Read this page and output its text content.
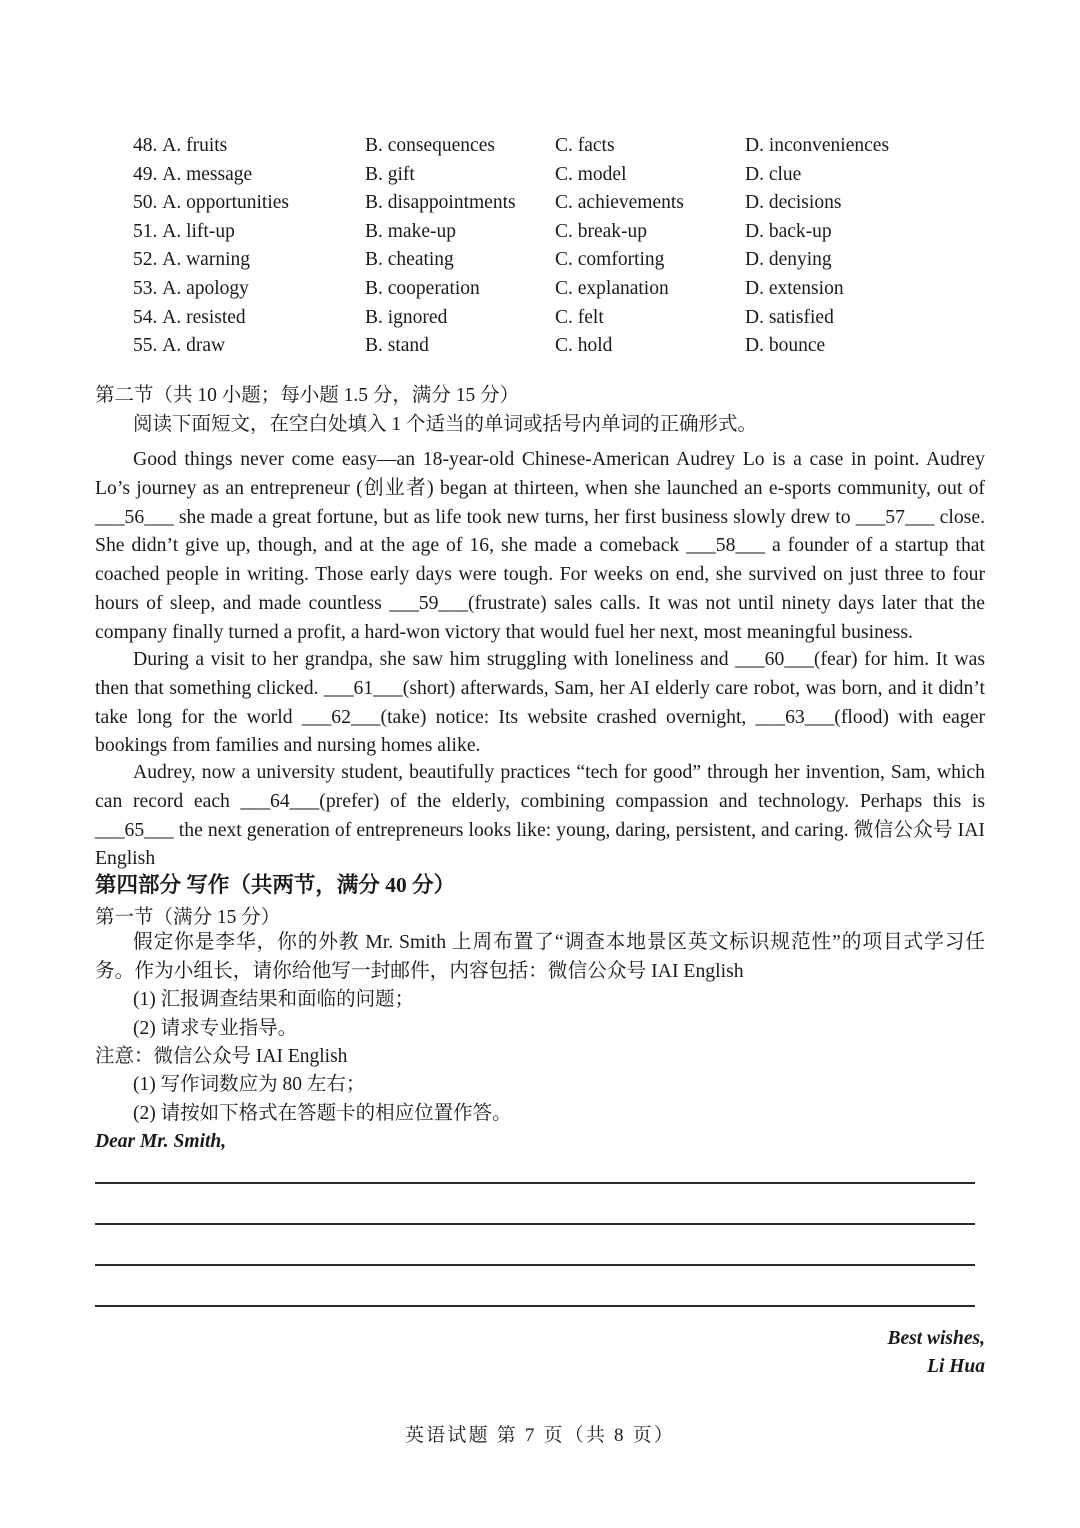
48. A. fruits	B. consequences	C. facts	D. inconveniences
49. A. message	B. gift	C. model	D. clue
50. A. opportunities	B. disappointments C. achievements	D. decisions
51. A. lift-up	B. make-up	C. break-up	D. back-up
52. A. warning	B. cheating	C. comforting	D. denying
53. A. apology	B. cooperation	C. explanation	D. extension
54. A. resisted	B. ignored	C. felt	D. satisfied
55. A. draw	B. stand	C. hold	D. bounce
第二节（共 10 小题；每小题 1.5 分，满分 15 分）
阅读下面短文，在空白处填入 1 个适当的单词或括号内单词的正确形式。
Good things never come easy—an 18-year-old Chinese-American Audrey Lo is a case in point. Audrey Lo’s journey as an entrepreneur (创业者) began at thirteen, when she launched an e-sports community, out of ___56___ she made a great fortune, but as life took new turns, her first business slowly drew to ___57___ close. She didn’t give up, though, and at the age of 16, she made a comeback ___58___ a founder of a startup that coached people in writing. Those early days were tough. For weeks on end, she survived on just three to four hours of sleep, and made countless ___59___(frustrate) sales calls. It was not until ninety days later that the company finally turned a profit, a hard-won victory that would fuel her next, most meaningful business.
During a visit to her grandpa, she saw him struggling with loneliness and ___60___(fear) for him. It was then that something clicked. ___61___(short) afterwards, Sam, her AI elderly care robot, was born, and it didn’t take long for the world ___62___(take) notice: Its website crashed overnight, ___63___(flood) with eager bookings from families and nursing homes alike.
Audrey, now a university student, beautifully practices “tech for good” through her invention, Sam, which can record each ___64___(prefer) of the elderly, combining compassion and technology. Perhaps this is ___65___ the next generation of entrepreneurs looks like: young, daring, persistent, and caring. 微信公众号 IAI English
第四部分 写作（共两节，满分 40 分）
第一节（满分 15 分）
假定你是李华，你的外教 Mr. Smith 上周布置了“调查本地景区英文标识规范性”的项目式学习任务。作为小组长，请你给他写一封邮件，内容包括：微信公众号 IAI English
(1) 汇报调查结果和面临的问题；
(2) 请求专业指导。
注意：微信公众号 IAI English
(1) 写作词数应为 80 左右；
(2) 请按如下格式在答题卡的相应位置作答。
Dear Mr. Smith,
Best wishes,
Li Hua
英语试题 第 7 页（共 8 页）
